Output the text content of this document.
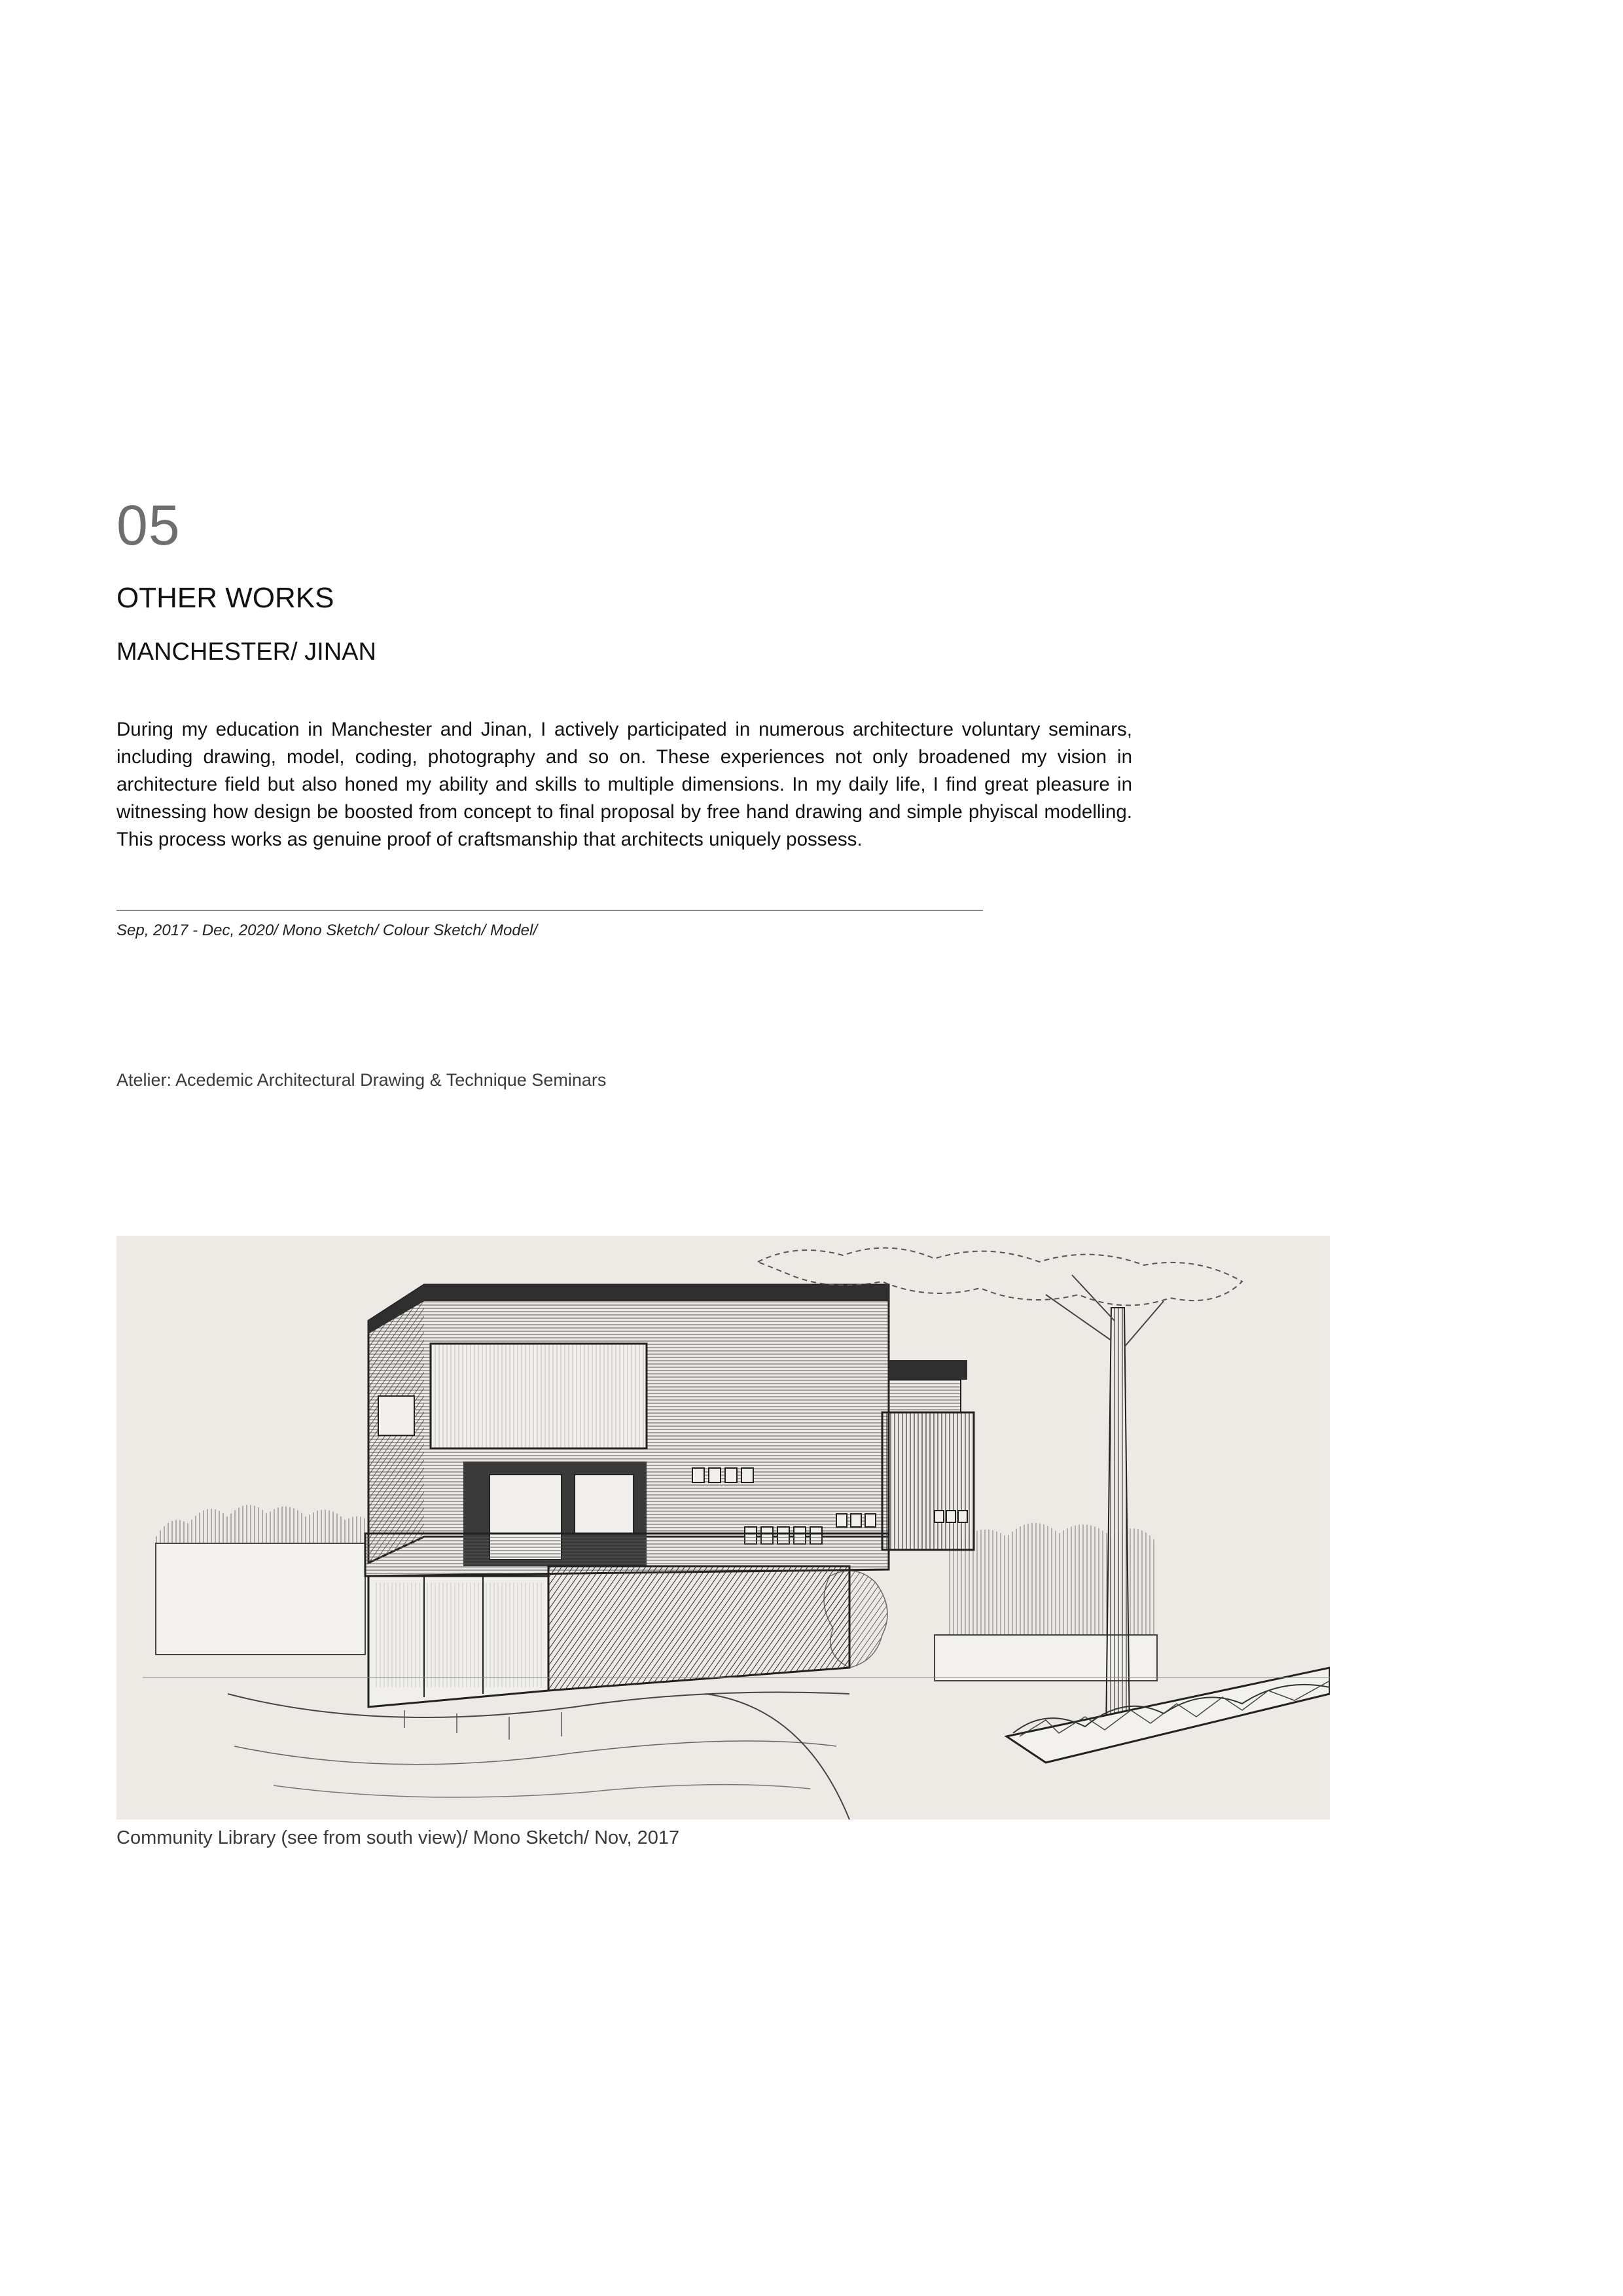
05
OTHER WORKS
MANCHESTER/ JINAN

During my education in Manchester and Jinan, I actively participated in numerous architecture voluntary seminars, including drawing, model, coding, photography and so on. These experiences not only broadened my vision in architecture field but also honed my ability and skills to multiple dimensions. In my daily life, I find great pleasure in witnessing how design be boosted from concept to final proposal by free hand drawing and simple phyiscal modelling. This process works as genuine proof of craftsmanship that architects uniquely possess.

Sep, 2017 - Dec, 2020/ Mono Sketch/ Colour Sketch/ Model/
Atelier: Acedemic Architectural Drawing & Technique Seminars
Community Library (see from south view)/ Mono Sketch/ Nov, 2017
